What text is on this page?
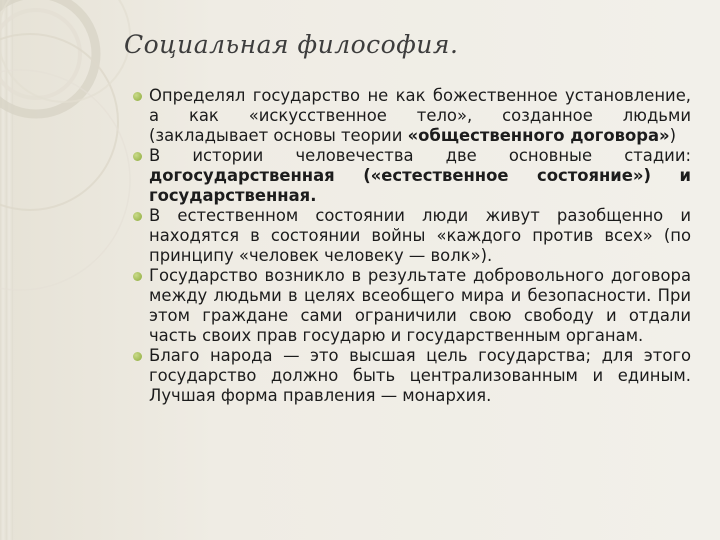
Социальная философия.
Определял государство не как божественное установление, а как «искусственное тело», созданное людьми (закладывает основы теории «общественного договора»)
В истории человечества две основные стадии: догосударственная («естественное состояние») и государственная.
В естественном состоянии люди живут разобщенно и находятся в состоянии войны «каждого против всех» (по принципу «человек человеку — волк»).
Государство возникло в результате добровольного договора между людьми в целях всеобщего мира и безопасности. При этом граждане сами ограничили свою свободу и отдали часть своих прав государю и государственным органам.
Благо народа — это высшая цель государства; для этого государство должно быть централизованным и единым. Лучшая форма правления — монархия.
